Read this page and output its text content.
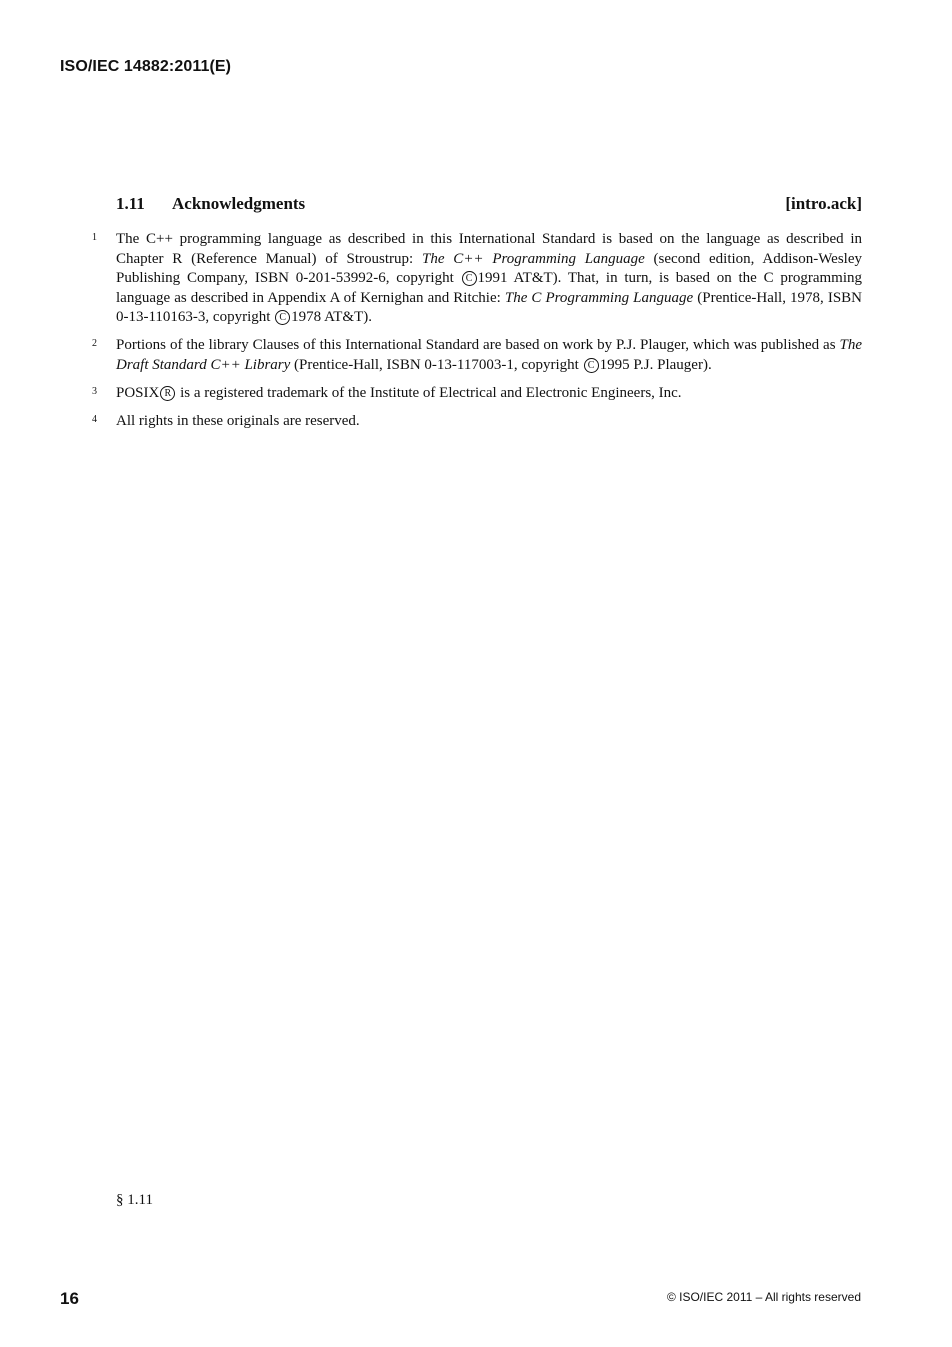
ISO/IEC 14882:2011(E)
1.11 Acknowledgments	[intro.ack]
1 The C++ programming language as described in this International Standard is based on the language as described in Chapter R (Reference Manual) of Stroustrup: The C++ Programming Language (second edition, Addison-Wesley Publishing Company, ISBN 0-201-53992-6, copyright C 1991 AT&T). That, in turn, is based on the C programming language as described in Appendix A of Kernighan and Ritchie: The C Programming Language (Prentice-Hall, 1978, ISBN 0-13-110163-3, copyright C 1978 AT&T).
2 Portions of the library Clauses of this International Standard are based on work by P.J. Plauger, which was published as The Draft Standard C++ Library (Prentice-Hall, ISBN 0-13-117003-1, copyright C 1995 P.J. Plauger).
3 POSIX R is a registered trademark of the Institute of Electrical and Electronic Engineers, Inc.
4 All rights in these originals are reserved.
§ 1.11
16	© ISO/IEC 2011 – All rights reserved
